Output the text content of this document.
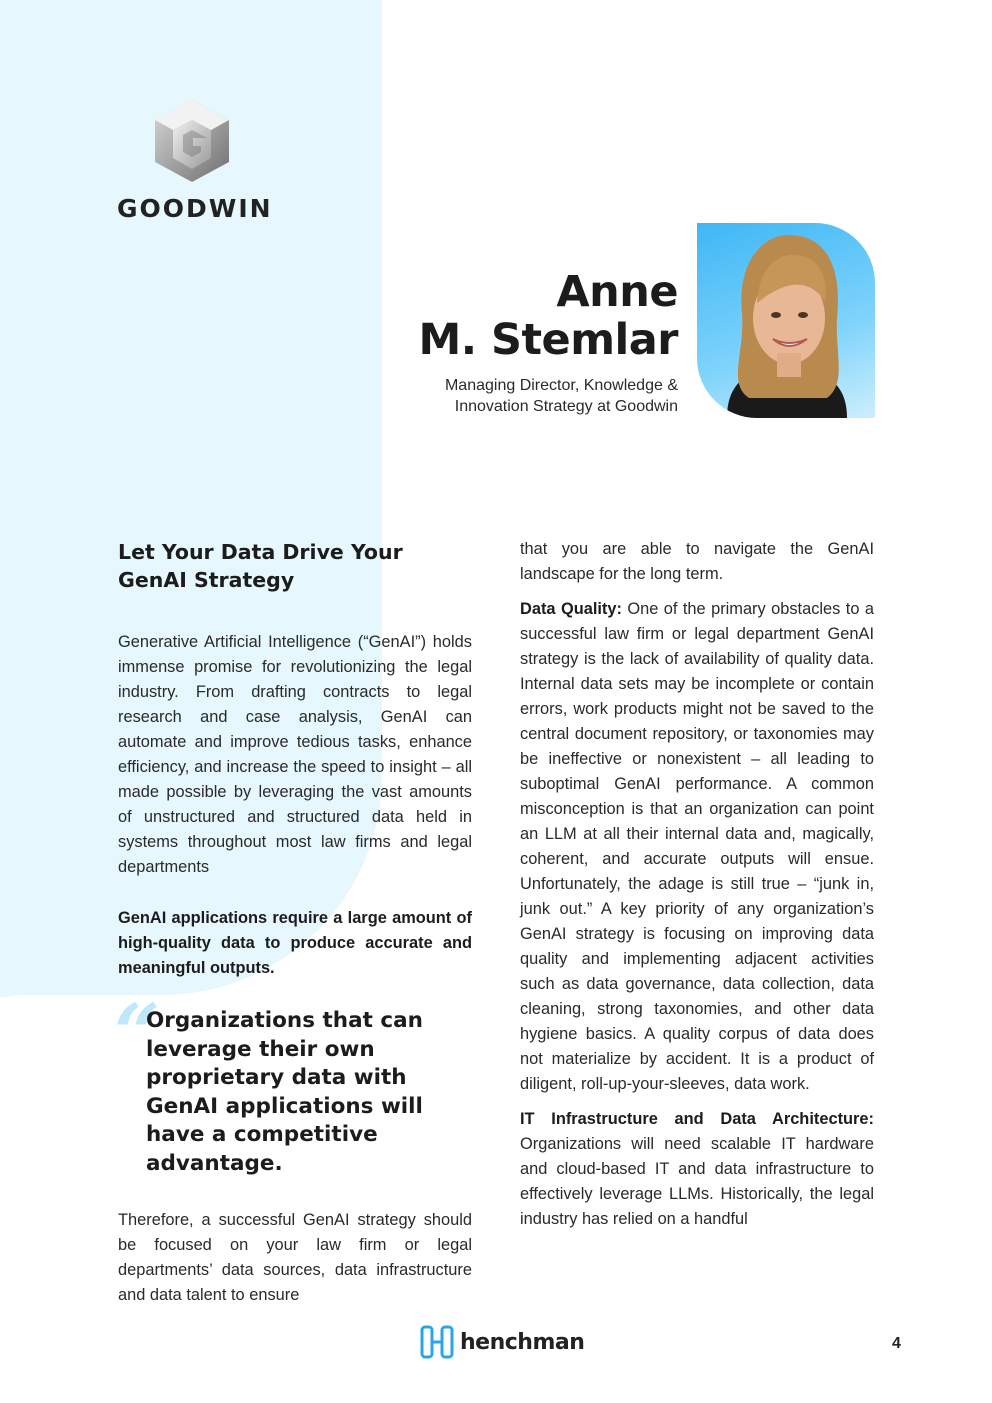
GOODWIN
Anne
M. Stemlar
Managing Director, Knowledge &
Innovation Strategy at Goodwin
Let Your Data Drive Your GenAI Strategy

Generative Artificial Intelligence (“GenAI”) holds immense promise for revolutionizing the legal industry. From drafting contracts to legal research and case analysis, GenAI can automate and improve tedious tasks, enhance efficiency, and increase the speed to insight – all made possible by leveraging the vast amounts of unstructured and structured data held in systems throughout most law firms and legal departments

GenAI applications require a large amount of high-quality data to produce accurate and meaningful outputs.

“
Organizations that can leverage their own proprietary data with GenAI applications will have a competitive advantage.

Therefore, a successful GenAI strategy should be focused on your law firm or legal departments’ data sources, data infrastructure and data talent to ensure

that you are able to navigate the GenAI landscape for the long term.

Data Quality: One of the primary obstacles to a successful law firm or legal department GenAI strategy is the lack of availability of quality data. Internal data sets may be incomplete or contain errors, work products might not be saved to the central document repository, or taxonomies may be ineffective or nonexistent – all leading to suboptimal GenAI performance. A common misconception is that an organization can point an LLM at all their internal data and, magically, coherent, and accurate outputs will ensue. Unfortunately, the adage is still true – “junk in, junk out.” A key priority of any organization’s GenAI strategy is focusing on improving data quality and implementing adjacent activities such as data governance, data collection, data cleaning, strong taxonomies, and other data hygiene basics. A quality corpus of data does not materialize by accident. It is a product of diligent, roll-up-your-sleeves, data work.

IT Infrastructure and Data Architecture: Organizations will need scalable IT hardware and cloud-based IT and data infrastructure to effectively leverage LLMs. Historically, the legal industry has relied on a handful

henchman	4
